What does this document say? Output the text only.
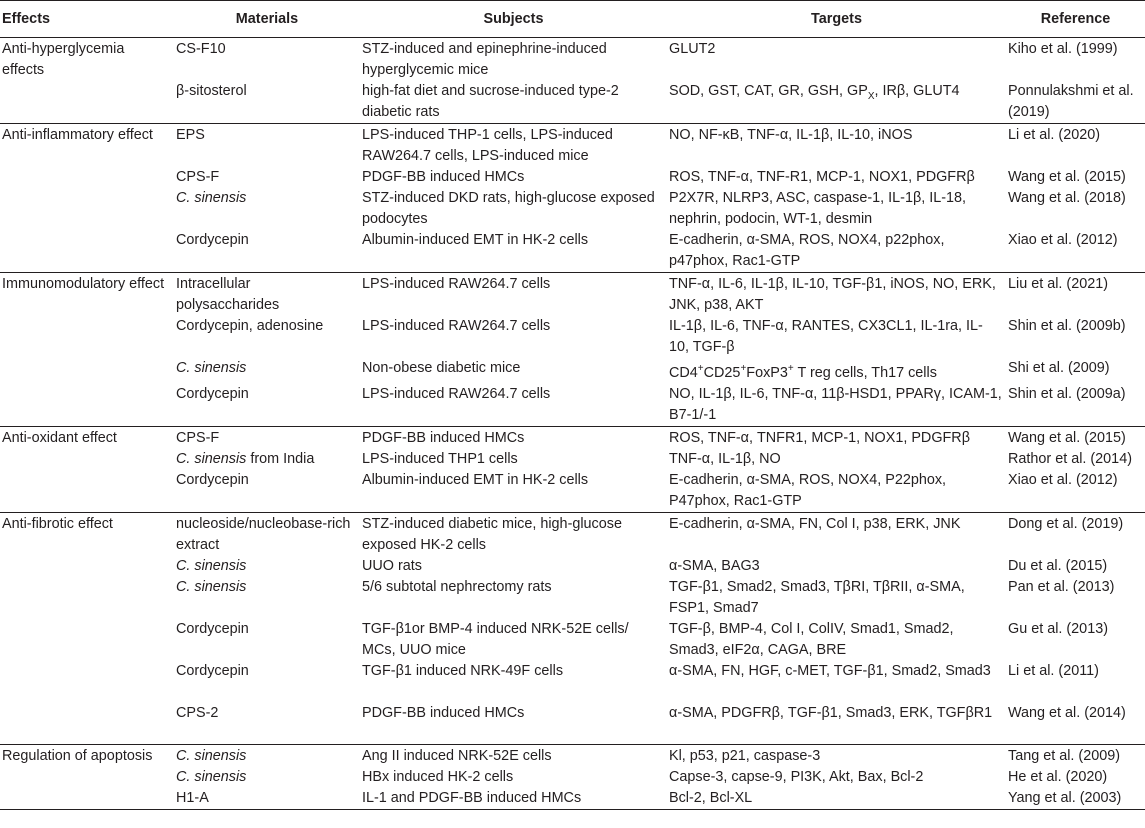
Effects	Materials	Subjects	Targets	Reference
Anti-hyperglycemia effects	CS-F10	STZ-induced and epinephrine-induced hyperglycemic mice	GLUT2	Kiho et al. (1999)
	β-sitosterol	high-fat diet and sucrose-induced type-2 diabetic rats	SOD, GST, CAT, GR, GSH, $GP_X$, IRβ, GLUT4	Ponnulakshmi et al. (2019)
Anti-inflammatory effect	EPS	LPS-induced THP-1 cells, LPS-induced RAW264.7 cells, LPS-induced mice	NO, NF-κB, TNF-α, IL-1β, IL-10, iNOS	Li et al. (2020)
	CPS-F	PDGF-BB induced HMCs	ROS, TNF-α, TNF-R1, MCP-1, NOX1, PDGFRβ	Wang et al. (2015)
	C. sinensis	STZ-induced DKD rats, high-glucose exposed podocytes	P2X7R, NLRP3, ASC, caspase-1, IL-1β, IL-18, nephrin, podocin, WT-1, desmin	Wang et al. (2018)
	Cordycepin	Albumin-induced EMT in HK-2 cells	E-cadherin, α-SMA, ROS, NOX4, p22phox, p47phox, Rac1-GTP	Xiao et al. (2012)
Immunomodulatory effect	Intracellular polysaccharides	LPS-induced RAW264.7 cells	TNF-α, IL-6, IL-1β, IL-10, TGF-β1, iNOS, NO, ERK, JNK, p38, AKT	Liu et al. (2021)
	Cordycepin, adenosine	LPS-induced RAW264.7 cells	IL-1β, IL-6, TNF-α, RANTES, CX3CL1, IL-1ra, IL-10, TGF-β	Shin et al. (2009b)
	C. sinensis	Non-obese diabetic mice	CD4+CD25+FoxP3+ T reg cells, Th17 cells	Shi et al. (2009)
	Cordycepin	LPS-induced RAW264.7 cells	NO, IL-1β, IL-6, TNF-α, 11β-HSD1, PPARγ, ICAM-1, B7-1/-1	Shin et al. (2009a)
Anti-oxidant effect	CPS-F	PDGF-BB induced HMCs	ROS, TNF-α, TNFR1, MCP-1, NOX1, PDGFRβ	Wang et al. (2015)
	C. sinensis from India	LPS-induced THP1 cells	TNF-α, IL-1β, NO	Rathor et al. (2014)
	Cordycepin	Albumin-induced EMT in HK-2 cells	E-cadherin, α-SMA, ROS, NOX4, P22phox, P47phox, Rac1-GTP	Xiao et al. (2012)
Anti-fibrotic effect	nucleoside/nucleobase-rich extract	STZ-induced diabetic mice, high-glucose exposed HK-2 cells	E-cadherin, α-SMA, FN, Col I, p38, ERK, JNK	Dong et al. (2019)
	C. sinensis	UUO rats	α-SMA, BAG3	Du et al. (2015)
	C. sinensis	5/6 subtotal nephrectomy rats	TGF-β1, Smad2, Smad3, TβRI, TβRII, α-SMA, FSP1, Smad7	Pan et al. (2013)
	Cordycepin	TGF-β1or BMP-4 induced NRK-52E cells/ MCs, UUO mice	TGF-β, BMP-4, Col I, ColIV, Smad1, Smad2, Smad3, eIF2α, CAGA, BRE	Gu et al. (2013)
	Cordycepin	TGF-β1 induced NRK-49F cells	α-SMA, FN, HGF, c-MET, TGF-β1, Smad2, Smad3	Li et al. (2011)
	CPS-2	PDGF-BB induced HMCs	α-SMA, PDGFRβ, TGF-β1, Smad3, ERK, TGFβR1	Wang et al. (2014)
Regulation of apoptosis	C. sinensis	Ang II induced NRK-52E cells	Kl, p53, p21, caspase-3	Tang et al. (2009)
	C. sinensis	HBx induced HK-2 cells	Capse-3, capse-9, PI3K, Akt, Bax, Bcl-2	He et al. (2020)
	H1-A	IL-1 and PDGF-BB induced HMCs	Bcl-2, Bcl-XL	Yang et al. (2003)
